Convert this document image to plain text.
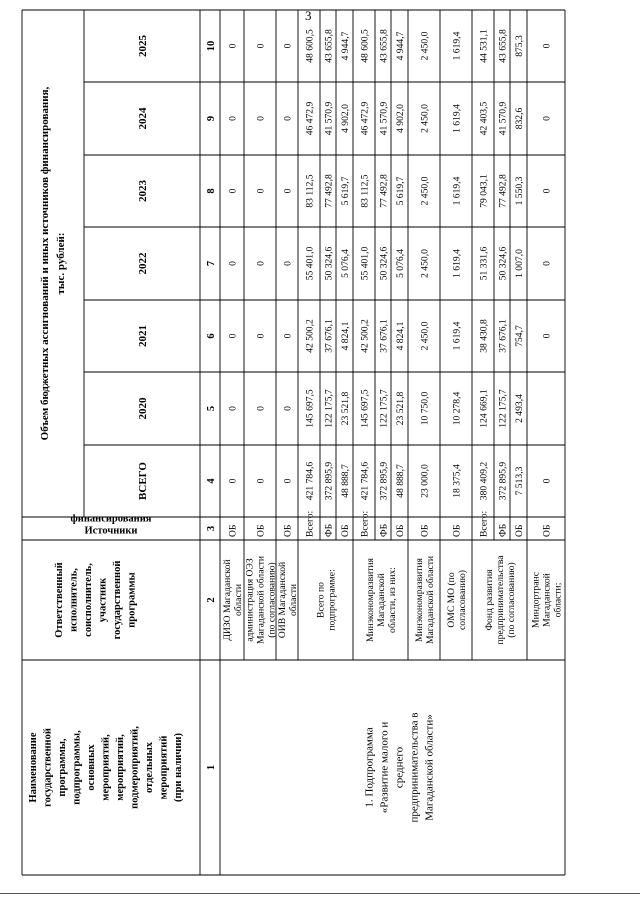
3
Наименование государственной программы, подпрограммы, основных мероприятий, мероприятий, подмероприятий, отдельных мероприятий (при наличии)
Ответственный исполнитель, соисполнитель, участник государственной программы
Источники
финансирования
Объем бюджетных ассигнований и иных источников финансирования, тыс. рублей:
ВСЕГО
2020
2021
2022
2023
2024
2025
1
2
3
4
5
6
7
8
9
10
1. Подпрограмма «Развитие малого и среднего предпринимательства в Магаданской области»
ДИЗО Магаданской области
ОБ
0
0
0
0
0
0
0
администрация ОЭЗ Магаданской области (по согласованию)
ОБ
0
0
0
0
0
0
0
ОИВ Магаданской области
ОБ
0
0
0
0
0
0
0
Всего по подпрограмме:
Всего:
421 784,6
145 697,5
42 500,2
55 401,0
83 112,5
46 472,9
48 600,5
ФБ
372 895,9
122 175,7
37 676,1
50 324,6
77 492,8
41 570,9
43 655,8
ОБ
48 888,7
23 521,8
4 824,1
5 076,4
5 619,7
4 902,0
4 944,7
Минэкономразвития Магаданской области, из них:
Всего:
421 784,6
145 697,5
42 500,2
55 401,0
83 112,5
46 472,9
48 600,5
ФБ
372 895,9
122 175,7
37 676,1
50 324,6
77 492,8
41 570,9
43 655,8
ОБ
48 888,7
23 521,8
4 824,1
5 076,4
5 619,7
4 902,0
4 944,7
Минэкономразвития Магаданской области
ОБ
23 000,0
10 750,0
2 450,0
2 450,0
2 450,0
2 450,0
2 450,0
ОМС МО (по согласованию)
ОБ
18 375,4
10 278,4
1 619,4
1 619,4
1 619,4
1 619,4
1 619,4
Фонд развития предпринимательства (по согласованию)
Всего:
380 409,2
124 669,1
38 430,8
51 331,6
79 043,1
42 403,5
44 531,1
ФБ
372 895,9
122 175,7
37 676,1
50 324,6
77 492,8
41 570,9
43 655,8
ОБ
7 513,3
2 493,4
754,7
1 007,0
1 550,3
832,6
875,3
Миндортранс Магаданской области;
ОБ
0
0
0
0
0
0
